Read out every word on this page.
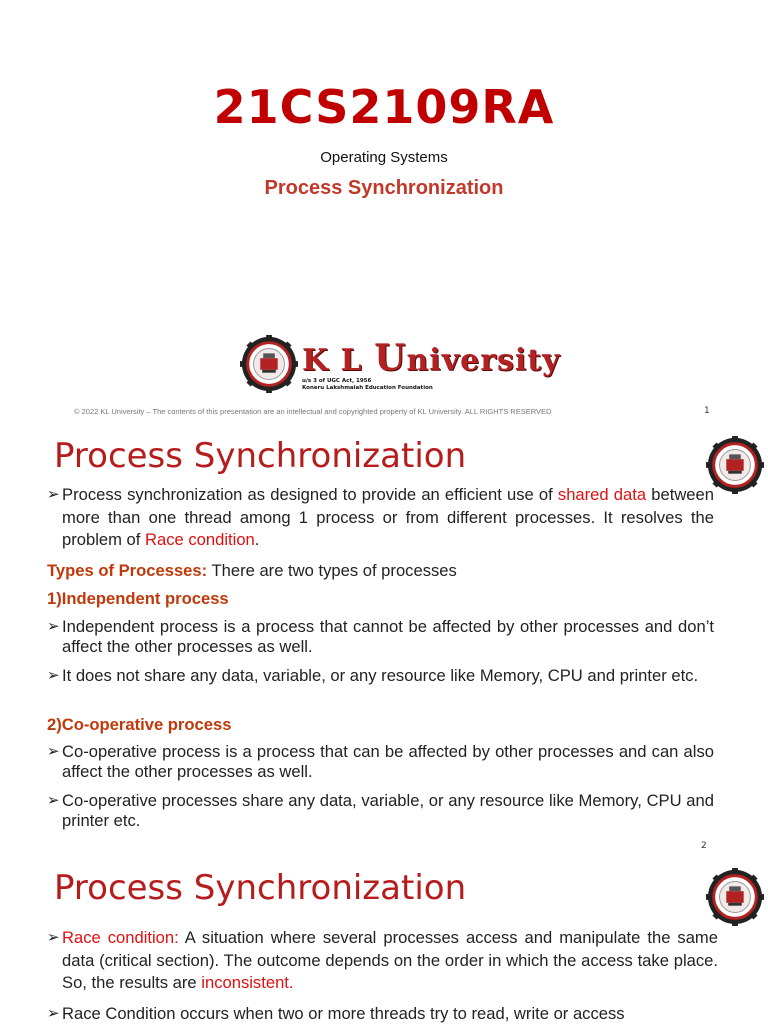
21CS2109RA
Operating Systems
Process Synchronization
K L University
u/s 3 of UGC Act, 1956
Koneru Lakshmaiah Education Foundation
© 2022 KL University – The contents of this presentation are an intellectual and copyrighted property of KL University. ALL RIGHTS RESERVED	1
Process Synchronization
➢ Process synchronization as designed to provide an efficient use of shared data between more than one thread among 1 process or from different processes. It resolves the problem of Race condition.
Types of Processes: There are two types of processes
1)Independent process
➢ Independent process is a process that cannot be affected by other processes and don’t affect the other processes as well.
➢ It does not share any data, variable, or any resource like Memory, CPU and printer etc.
2)Co-operative process
➢ Co-operative process is a process that can be affected by other processes and can also affect the other processes as well.
➢ Co-operative processes share any data, variable, or any resource like Memory, CPU and printer etc.
2
Process Synchronization
➢ Race condition: A situation where several processes access and manipulate the same data (critical section). The outcome depends on the order in which the access take place. So, the results are inconsistent.
➢ Race Condition occurs when two or more threads try to read, write or access
